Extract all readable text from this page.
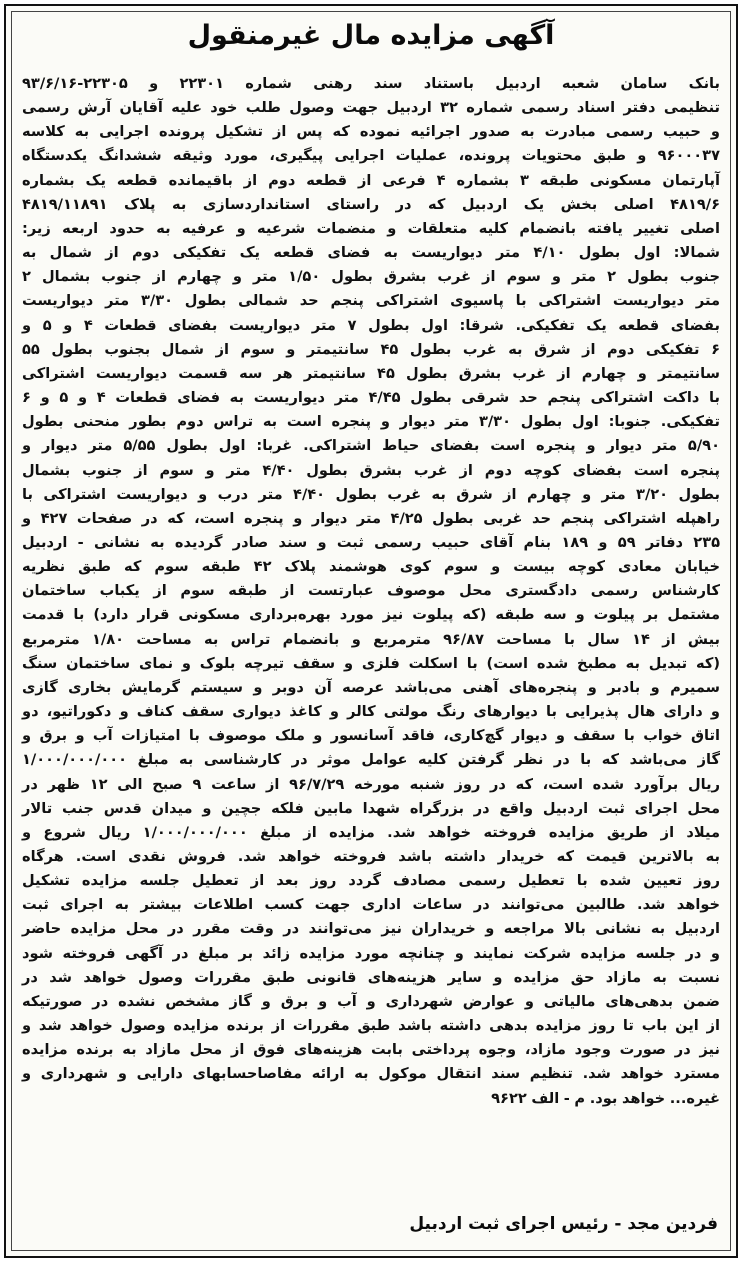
آگهی مزایده مال غیرمنقول
بانک سامان شعبه اردبیل باستناد سند رهنی شماره ۲۲۳۰۱ و ۲۲۳۰۵-۹۳/۶/۱۶
تنظیمی دفتر اسناد رسمی شماره ۳۲ اردبیل جهت وصول طلب خود علیه آقایان آرش رسمی
و حبیب رسمی مبادرت به صدور اجرائیه نموده که پس از تشکیل پرونده اجرایی به کلاسه
۹۶۰۰۰۳۷ و طبق محتویات پرونده، عملیات اجرایی پیگیری، مورد وثیقه ششدانگ یکدستگاه
آپارتمان مسکونی طبقه ۳ بشماره ۴ فرعی از قطعه دوم از باقیمانده قطعه یک بشماره
۴۸۱۹/۶ اصلی بخش یک اردبیل که در راستای استانداردسازی به پلاک ۴۸۱۹/۱۱۸۹۱
اصلی تغییر یافته بانضمام کلیه متعلقات و منضمات شرعیه و عرفیه به حدود اربعه زیر:
شمالا: اول بطول ۴/۱۰ متر دیواریست به فضای قطعه یک تفکیکی دوم از شمال به
جنوب بطول ۲ متر و سوم از غرب بشرق بطول ۱/۵۰ متر و چهارم از جنوب بشمال ۲
متر دیواریست اشتراکی با پاسیوی اشتراکی پنجم حد شمالی بطول ۳/۳۰ متر دیواریست
بفضای قطعه یک تفکیکی. شرقا: اول بطول ۷ متر دیواریست بفضای قطعات ۴ و ۵ و
۶ تفکیکی دوم از شرق به غرب بطول ۴۵ سانتیمتر و سوم از شمال بجنوب بطول ۵۵
سانتیمتر و چهارم از غرب بشرق بطول ۴۵ سانتیمتر هر سه قسمت دیواریست اشتراکی
با داکت اشتراکی پنجم حد شرقی بطول ۴/۴۵ متر دیواریست به فضای قطعات ۴ و ۵ و ۶
تفکیکی. جنوبا: اول بطول ۳/۳۰ متر دیوار و پنجره است به تراس دوم بطور منحنی بطول
۵/۹۰ متر دیوار و پنجره است بفضای حیاط اشتراکی. غربا: اول بطول ۵/۵۵ متر دیوار و
پنجره است بفضای کوچه دوم از غرب بشرق بطول ۴/۴۰ متر و سوم از جنوب بشمال
بطول ۳/۲۰ متر و چهارم از شرق به غرب بطول ۴/۴۰ متر درب و دیواریست اشتراکی با
راهپله اشتراکی پنجم حد غربی بطول ۴/۲۵ متر دیوار و پنجره است، که در صفحات ۴۲۷ و
۲۳۵ دفاتر ۵۹ و ۱۸۹ بنام آقای حبیب رسمی ثبت و سند صادر گردیده به نشانی - اردبیل
خیابان معادی کوچه بیست و سوم کوی هوشمند پلاک ۴۲ طبقه سوم که طبق نظریه
کارشناس رسمی دادگستری محل موصوف عبارتست از طبقه سوم از یکباب ساختمان
مشتمل بر پیلوت و سه طبقه (که پیلوت نیز مورد بهره‌برداری مسکونی قرار دارد) با قدمت
بیش از ۱۴ سال با مساحت ۹۶/۸۷ مترمربع و بانضمام تراس به مساحت ۱/۸۰ مترمربع
(که تبدیل به مطبخ شده است) با اسکلت فلزی و سقف تیرچه بلوک و نمای ساختمان سنگ
سمیرم و بادبر و پنجره‌های آهنی می‌باشد عرصه آن دوبر و سیستم گرمایش بخاری گازی
و دارای هال پذیرایی با دیوارهای رنگ مولتی کالر و کاغذ دیواری سقف کناف و دکوراتیو، دو
اتاق خواب با سقف و دیوار گچ‌کاری، فاقد آسانسور و ملک موصوف با امتیازات آب و برق و
گاز می‌باشد که با در نظر گرفتن کلیه عوامل موثر در کارشناسی به مبلغ ۱/۰۰۰/۰۰۰/۰۰۰
ریال برآورد شده است، که در روز شنبه مورخه ۹۶/۷/۲۹ از ساعت ۹ صبح الی ۱۲ ظهر در
محل اجرای ثبت اردبیل واقع در بزرگراه شهدا مابین فلکه جچین و میدان قدس جنب تالار
میلاد از طریق مزایده فروخته خواهد شد. مزایده از مبلغ ۱/۰۰۰/۰۰۰/۰۰۰ ریال شروع و
به بالاترین قیمت که خریدار داشته باشد فروخته خواهد شد. فروش نقدی است. هرگاه
روز تعیین شده با تعطیل رسمی مصادف گردد روز بعد از تعطیل جلسه مزایده تشکیل
خواهد شد. طالبین می‌توانند در ساعات اداری جهت کسب اطلاعات بیشتر به اجرای ثبت
اردبیل به نشانی بالا مراجعه و خریداران نیز می‌توانند در وقت مقرر در محل مزایده حاضر
و در جلسه مزایده شرکت نمایند و چنانچه مورد مزایده زائد بر مبلغ در آگهی فروخته شود
نسبت به مازاد حق مزایده و سایر هزینه‌های قانونی طبق مقررات وصول خواهد شد در
ضمن بدهی‌های مالیاتی و عوارض شهرداری و آب و برق و گاز مشخص نشده در صورتیکه
از این باب تا روز مزایده بدهی داشته باشد طبق مقررات از برنده مزایده وصول خواهد شد و
نیز در صورت وجود مازاد، وجوه پرداختی بابت هزینه‌های فوق از محل مازاد به برنده مزایده
مسترد خواهد شد. تنظیم سند انتقال موکول به ارائه مفاصاحسابهای دارایی و شهرداری و
غیره... خواهد بود. م - الف ۹۶۲۲
فردین مجد - رئیس اجرای ثبت اردبیل
